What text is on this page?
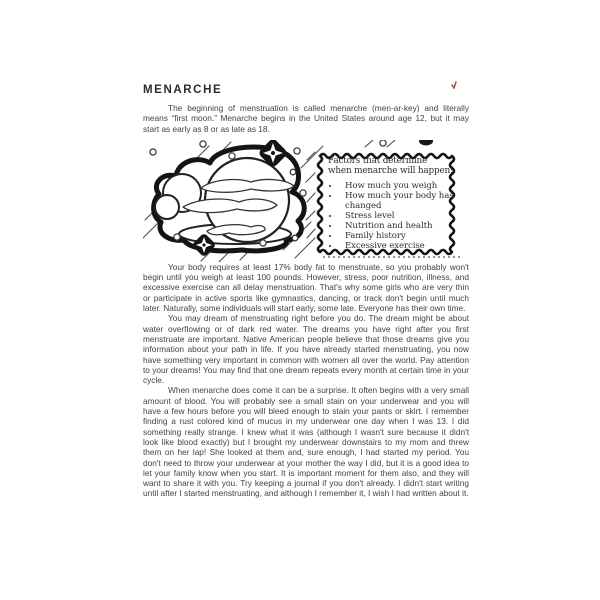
MENARCHE

The beginning of menstruation is called menarche (men-ar-key) and literally means “first moon.” Menarche begins in the United States around age 12, but it may start as early as 8 or as late as 18.

Factors that determine
when menarche will happen:
How much you weigh
How much your body has changed
Stress level
Nutrition and health
Family history
Excessive exercise

Your body requires at least 17% body fat to menstruate, so you probably won't begin until you weigh at least 100 pounds. However, stress, poor nutrition, illness, and excessive exercise can all delay menstruation. That's why some girls who are very thin or participate in active sports like gymnastics, dancing, or track don't begin until much later. Naturally, some individuals will start early, some late. Everyone has their own time.

You may dream of menstruating right before you do. The dream might be about water overflowing or of dark red water. The dreams you have right after you first menstruate are important. Native American people believe that those dreams give you information about your path in life. If you have already started menstruating, you now have something very important in common with women all over the world. Pay attention to your dreams! You may find that one dream repeats every month at certain time in your cycle.

When menarche does come it can be a surprise. It often begins with a very small amount of blood. You will probably see a small stain on your underwear and you will have a few hours before you will bleed enough to stain your pants or skirt. I remember finding a rust colored kind of mucus in my underwear one day when I was 13. I did something really strange. I knew what it was (although I wasn't sure because it didn't look like blood exactly) but I brought my underwear downstairs to my mom and threw them on her lap! She looked at them and, sure enough, I had started my period. You don't need to throw your underwear at your mother the way I did, but it is a good idea to let your family know when you start. It is important moment for them also, and they will want to share it with you. Try keeping a journal if you don't already. I didn't start writing until after I started menstruating, and although I remember it, I wish I had written about it.
